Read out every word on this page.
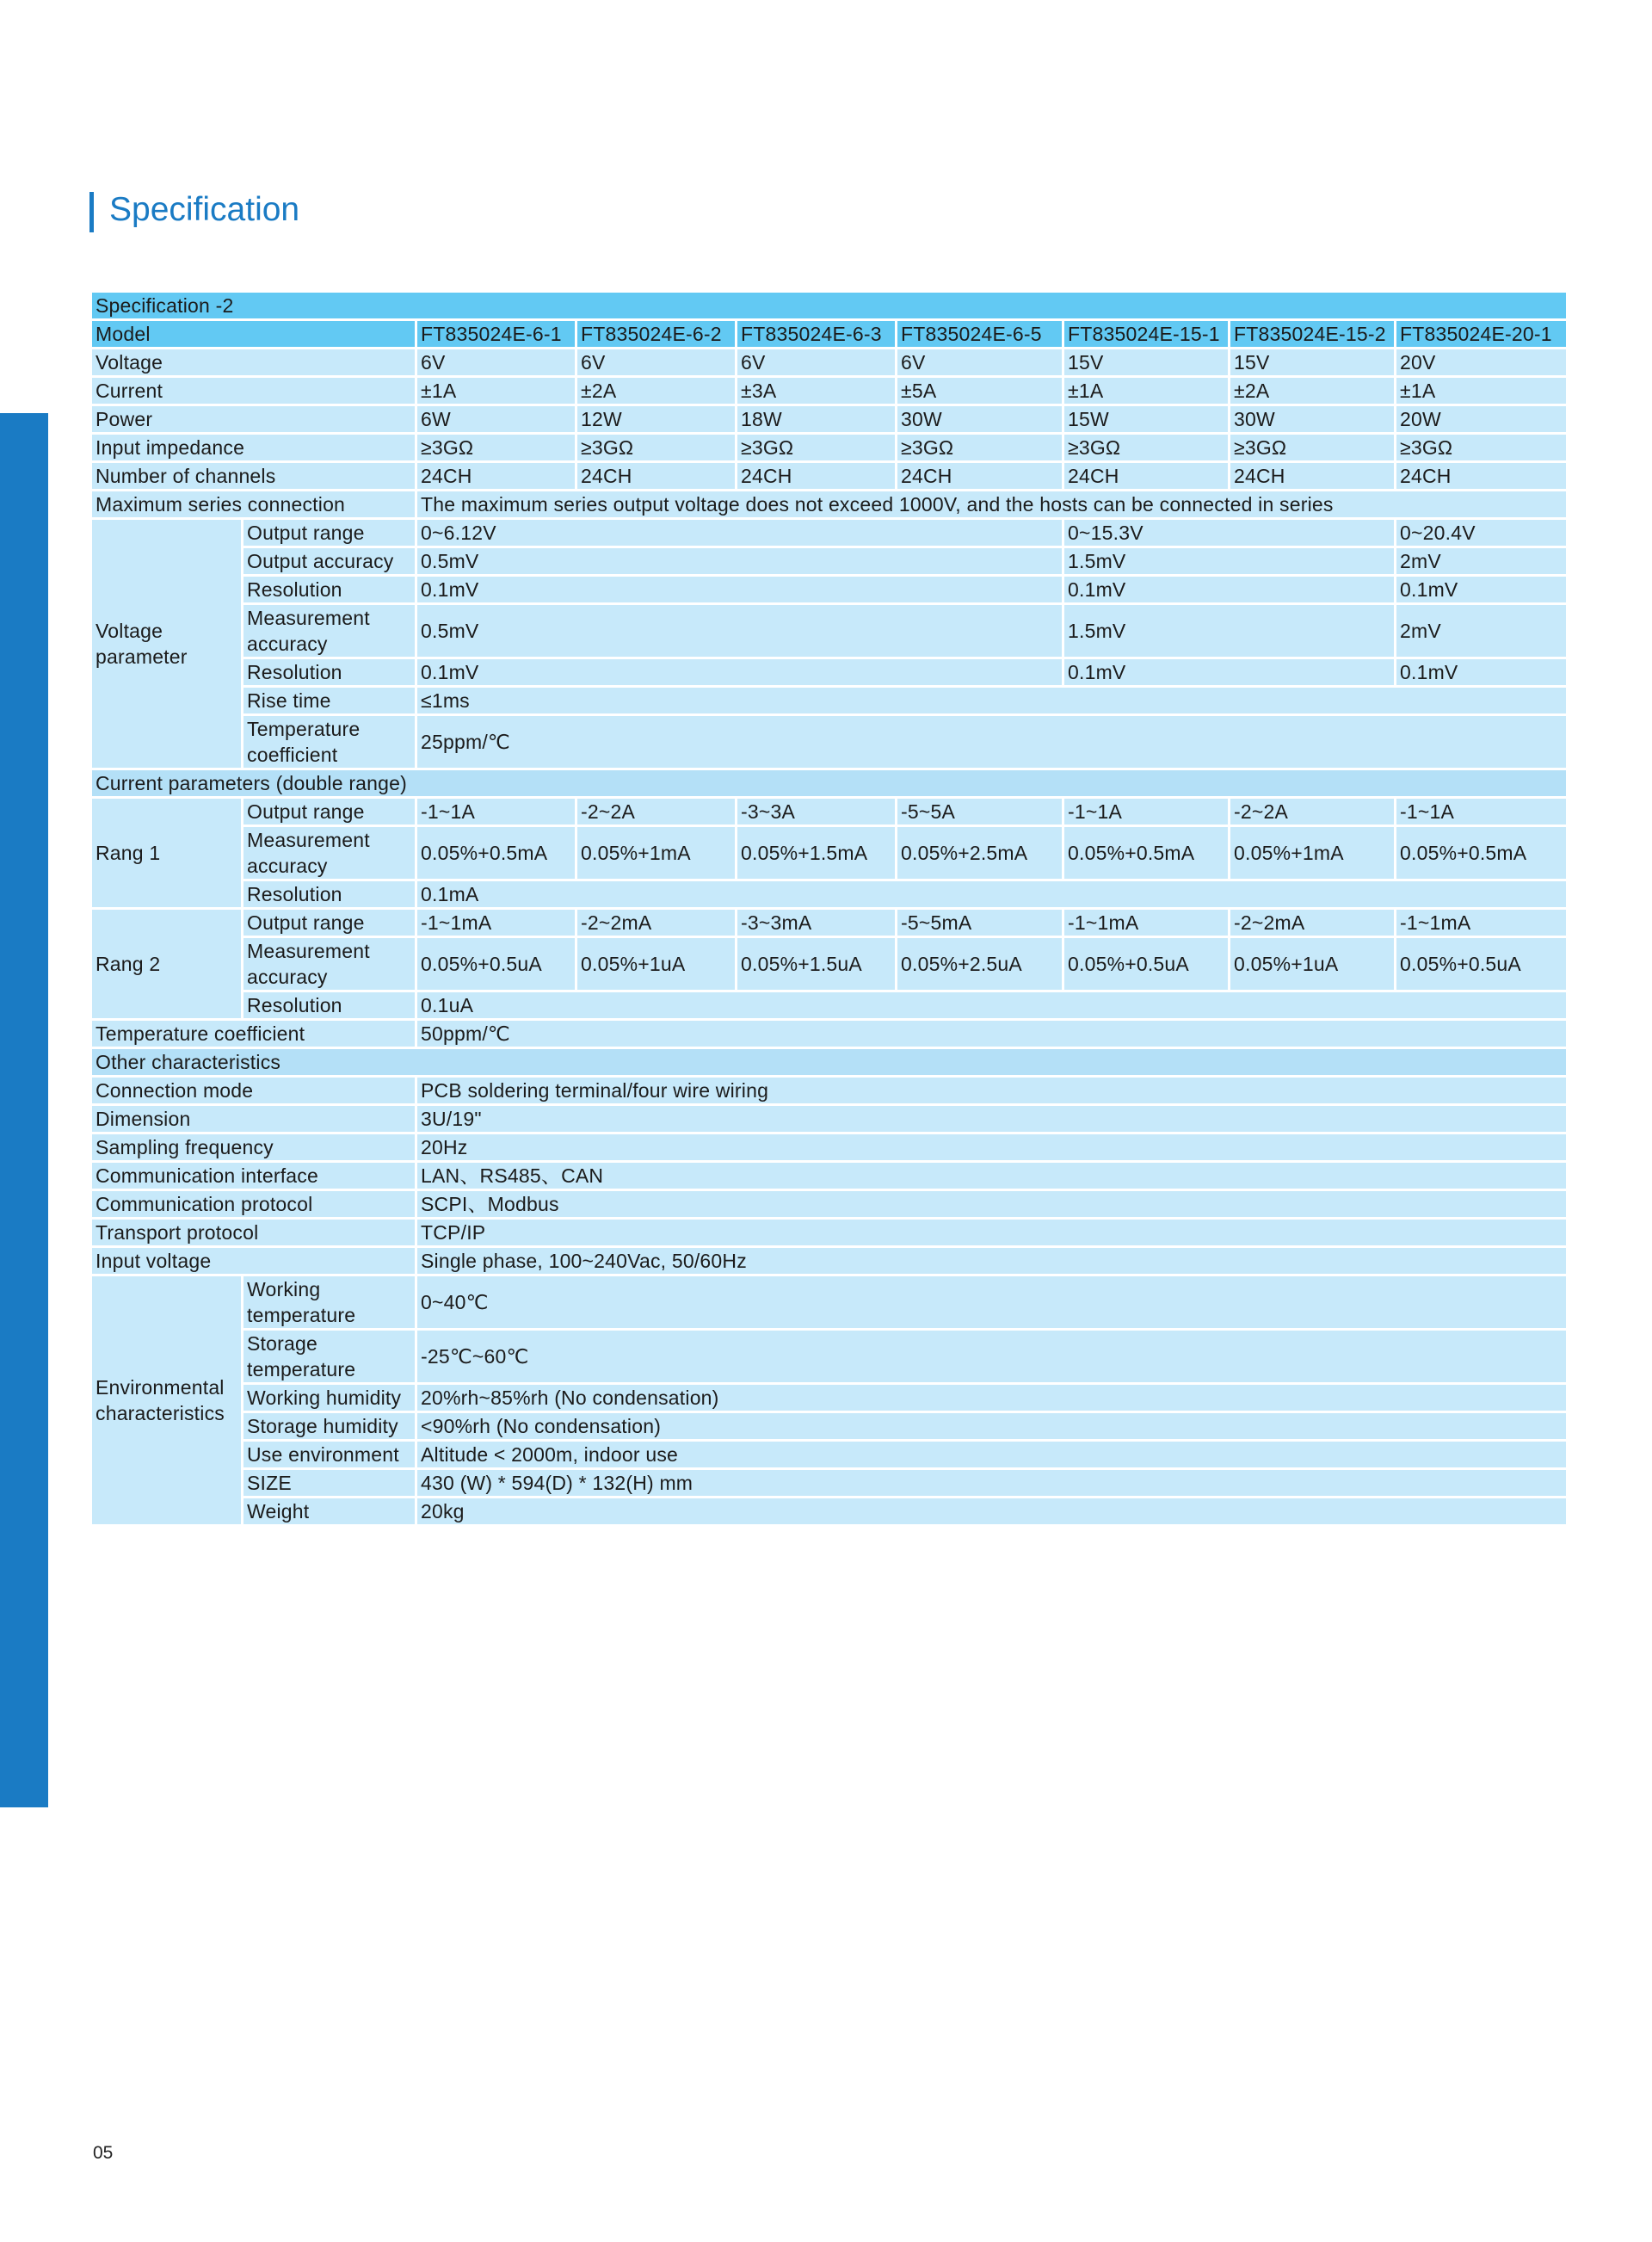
Specification
Specification -2								
Model		FT835024E-6-1	FT835024E-6-2	FT835024E-6-3	FT835024E-6-5	FT835024E-15-1	FT835024E-15-2	FT835024E-20-1
Voltage		6V	6V	6V	6V	15V	15V	20V
Current		±1A	±2A	±3A	±5A	±1A	±2A	±1A
Power		6W	12W	18W	30W	15W	30W	20W
Input impedance		≥3GΩ	≥3GΩ	≥3GΩ	≥3GΩ	≥3GΩ	≥3GΩ	≥3GΩ
Number of channels		24CH	24CH	24CH	24CH	24CH	24CH	24CH
Maximum series connection		The maximum series output voltage does not exceed 1000V, and the hosts can be connected in series						
Voltage parameter	Output range	0~6.12V				0~15.3V		0~20.4V
	Output accuracy	0.5mV				1.5mV		2mV
	Resolution	0.1mV				0.1mV		0.1mV
	Measurement accuracy	0.5mV				1.5mV		2mV
	Resolution	0.1mV				0.1mV		0.1mV
	Rise time	≤1ms						
	Temperature coefficient	25ppm/℃						
Current parameters (double range)								
Rang 1	Output range	-1~1A	-2~2A	-3~3A	-5~5A	-1~1A	-2~2A	-1~1A
	Measurement accuracy	0.05%+0.5mA	0.05%+1mA	0.05%+1.5mA	0.05%+2.5mA	0.05%+0.5mA	0.05%+1mA	0.05%+0.5mA
	Resolution	0.1mA						
Rang 2	Output range	-1~1mA	-2~2mA	-3~3mA	-5~5mA	-1~1mA	-2~2mA	-1~1mA
	Measurement accuracy	0.05%+0.5uA	0.05%+1uA	0.05%+1.5uA	0.05%+2.5uA	0.05%+0.5uA	0.05%+1uA	0.05%+0.5uA
	Resolution	0.1uA						
Temperature coefficient		50ppm/℃						
Other characteristics								
Connection mode		PCB soldering terminal/four wire wiring						
Dimension		3U/19"						
Sampling frequency		20Hz						
Communication interface		LAN、RS485、CAN						
Communication protocol		SCPI、Modbus						
Transport protocol		TCP/IP						
Input voltage		Single phase, 100~240Vac, 50/60Hz						
Environmental characteristics	Working temperature	0~40℃						
	Storage temperature	-25℃~60℃						
	Working humidity	20%rh~85%rh (No condensation)						
	Storage humidity	<90%rh (No condensation)						
	Use environment	Altitude < 2000m, indoor use						
	SIZE	430 (W) * 594(D) * 132(H) mm						
	Weight	20kg						
05
